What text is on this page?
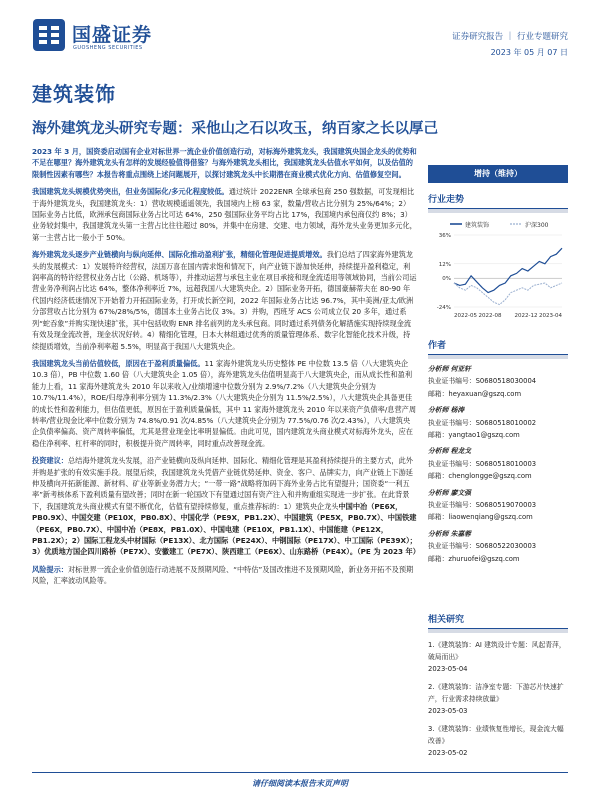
国盛证券
GUOSHENG SECURITIES
证券研究报告 ｜ 行业专题研究
2023 年 05 月 07 日
建筑装饰
海外建筑龙头研究专题：采他山之石以攻玉，纳百家之长以厚己

2023 年 3 月，国资委启动国有企业对标世界一流企业价值创造行动，对标海外建筑龙头，我国建筑央国企龙头的优势和不足在哪里？海外建筑龙头有怎样的发展经验值得借鉴？与海外建筑龙头相比，我国建筑龙头估值水平如何，以及估值的限制性因素有哪些？本报告将重点围绕上述问题展开，以探讨建筑龙头中长期潜在商业模式优化方向、估值修复空间。

我国建筑龙头规模优势突出，但业务国际化/多元化程度较低。通过统计 2022ENR 全球承包商 250 强数据，可发现相比于海外建筑龙头，我国建筑龙头：1）营收规模遥遥领先，我国境内上榜 63 家，数量/营收占比分别为 25%/64%；2）国际业务占比低，欧洲承包商国际业务占比可达 64%，250 强国际业务平均占比 17%，我国境内承包商仅约 8%；3）业务较封集中，我国建筑龙头第一主营占比往往超过 80%，并集中在房建、交建、电力领域，海外龙头业务更加多元化，第一主营占比一般小于 50%。

海外建筑龙头逐步产业链横向与纵向延伸、国际化推动盈利扩张，精细化管理促进提质增效。我们总结了四家海外建筑龙头的发展模式：1）发展特许经营权，法国万喜在国内需求饱和情况下，向产业链下游加快延伸，持续提升盈利稳定，利润率高的特许经营权业务占比（公路、机场等），并推动运营与承包主业在项目承接和现金流适用等领域协同，当前公司运营业务净利润占比达 64%，整体净利率近 7%，远超我国八大建筑央企。2）国际业务开拓，德国豪赫蒂夫在 80-90 年代国内经济低迷情况下开始着力开拓国际业务，打开成长新空间，2022 年国际业务占比达 96.7%，其中美洲/亚太/欧洲分部营收占比分别为 67%/28%/5%，德国本土业务占比仅 3%。3）并购，西班牙 ACS 公司成立仅 20 多年，通过系列“蛇吞象”并购实现快速扩张，其中包括收购 ENR 排名前列的龙头承包商。同时通过系列债务化解措施实现持续现金流有效及现金流改善，现金状况好转。4）精细化管理，日本大林组通过优秀的质量管理体系、数字化智能化技术升级，持续提质增效，当前净利率超 5.5%，明显高于我国八大建筑央企。

我国建筑龙头当前估值较低，原因在于盈利质量偏低。11 家海外建筑龙头历史整体 PE 中位数 13.5 倍（八大建筑央企 10.3 倍），PB 中位数 1.60 倍（八大建筑央企 1.05 倍），海外建筑龙头估值明显高于八大建筑央企，而从成长性和盈利能力上看，11 家海外建筑龙头 2010 年以来收入/业绩增速中位数分别为 2.9%/7.2%（八大建筑央企分别为 10.7%/11.4%），ROE/归母净利率分别为 11.3%/2.3%（八大建筑央企分别为 11.5%/2.5%），八大建筑央企具备更佳的成长性和盈利能力，但估值更低，原因在于盈利质量偏低，其中 11 家海外建筑龙头 2010 年以来资产负债率/息营产周转率/营业现金比率中位数分别为 74.8%/0.91 次/4.85%（八大建筑央企分别为 77.5%/0.76 次/2.43%），八大建筑央企负债率偏高、资产周转率偏低，尤其是营业现金比率明显偏低。由此可见，国内建筑龙头商业模式对标海外龙头，应在稳住净利率、杠杆率的同时，积极提升资产周转率，同时重点改善现金流。

投资建议：总结海外建筑龙头发展，沿产业链横向及纵向延伸、国际化、精细化管理是其盈利持续提升的主要方式，此外并购是扩张的有效实施手段。展望后续，我国建筑龙头凭借产业链优势延伸、资金、客户、品牌实力，向产业链上下游延伸及横向开拓新能源、新材料、矿业等新业务潜力大；“一带一路”战略将加码下海外业务占比有望提升；国资委“一利五率”新考核体系下盈利质量有望改善；同时在新一轮国改下有望通过国有资产注入和并购重组实现进一步扩张。在此背景下，我国建筑龙头商业模式有望不断优化，估值有望持续修复，重点推荐标的：1）建筑央企龙头中国中冶（PE6X，PB0.9X）、中国交建（PE10X，PB0.8X）、中国化学（PE9X，PB1.2X）、中国建筑（PE5X，PB0.7X）、中国铁建（PE6X，PB0.7X）、中国中冶（PE8X，PB1.0X）、中国电建（PE10X，PB1.1X）、中国能建（PE12X，PB1.2X）；2）国际工程龙头中材国际（PE13X）、北方国际（PE24X）、中钢国际（PE17X）、中工国际（PE39X）；3）优质地方国企四川路桥（PE7X）、安徽建工（PE7X）、陕西建工（PE6X）、山东路桥（PE4X）。（PE 为 2023 年）

风险提示：对标世界一流企业价值创造行动进展不及预期风险、“中特估”及国改推进不及预期风险，新业务开拓不及预期风险，汇率波动风险等。

增持（维持）
行业走势
建筑装饰	沪深300
36%
12%
0%
-24%
2022-05 2022-08 2022-12 2023-04
作者
分析师 何亚轩
执业证书编号：S0680518030004
邮箱：heyaxuan@gszq.com
分析师 杨涛
执业证书编号：S0680518010002
邮箱：yangtao1@gszq.com
分析师 程龙戈
执业证书编号：S0680518010003
邮箱：chenglongge@gszq.com
分析师 廖文强
执业证书编号：S0680519070003
邮箱：liaowenqiang@gszq.com
分析师 朱嘉蓉
执业证书编号：S0680522030003
邮箱：zhuruofei@gszq.com
相关研究
1.《建筑装饰：AI 建筑设计专题：风起青萍，破局而出》
2023-05-04
2.《建筑装饰：洁净室专题：下游芯片快速扩产，行业需求持续放量》
2023-05-03
3.《建筑装饰：业绩恢复性增长，现金流大幅改善》
2023-05-02
请仔细阅读本报告末页声明
